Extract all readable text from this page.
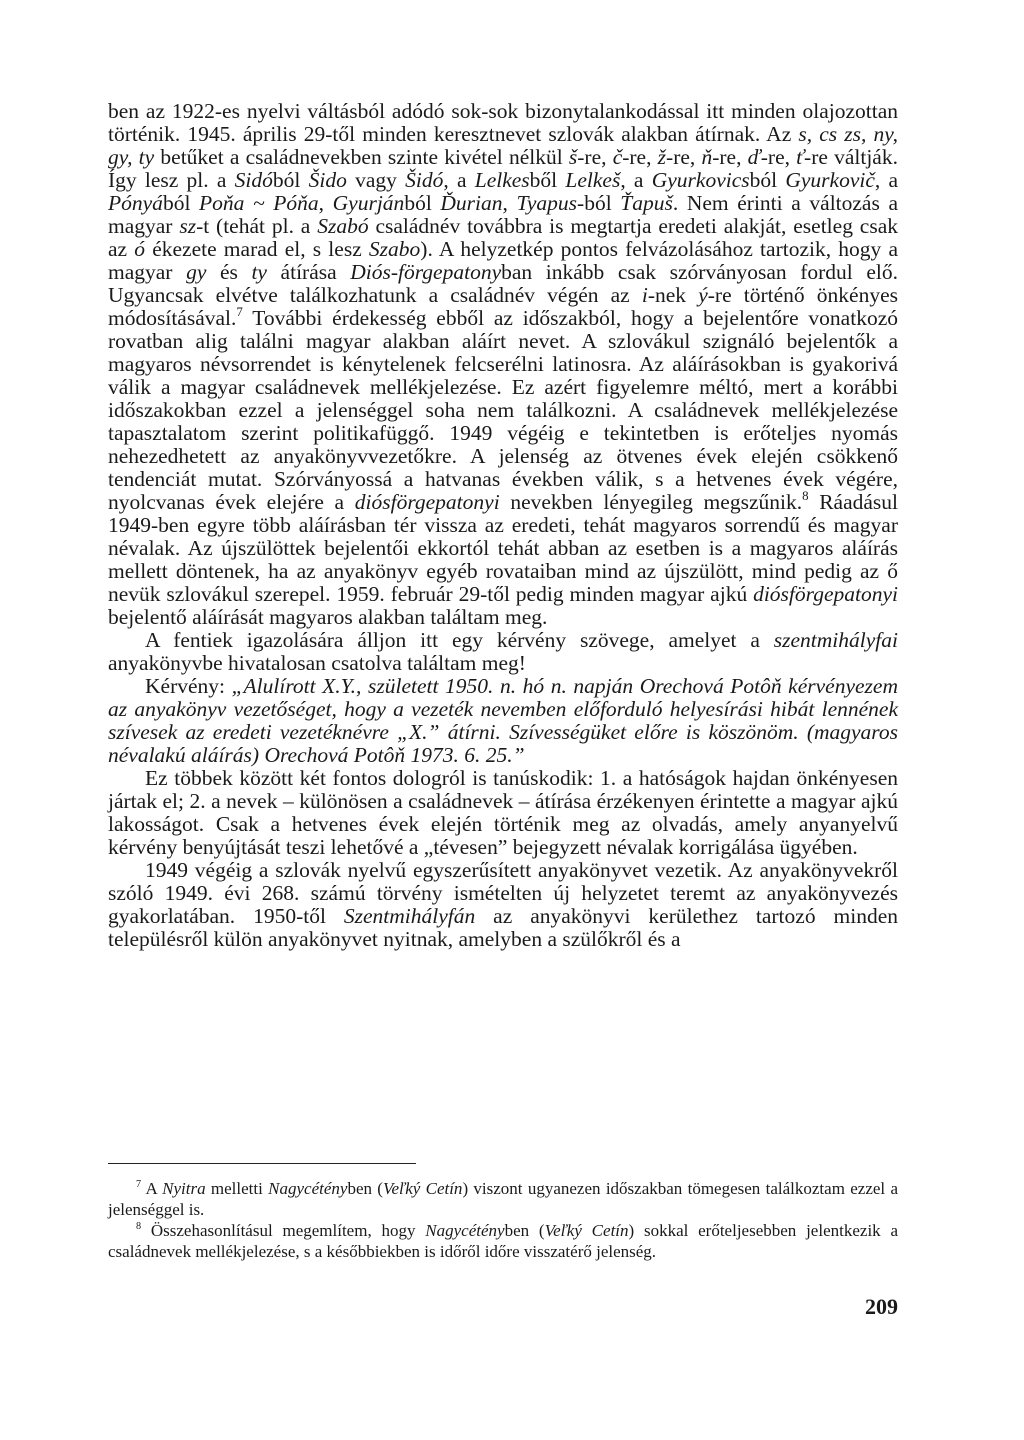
ben az 1922-es nyelvi váltásból adódó sok-sok bizonytalankodással itt minden olajozottan történik. 1945. április 29-től minden keresztnevet szlovák alakban átírnak. Az s, cs zs, ny, gy, ty betűket a családnevekben szinte kivétel nélkül š-re, č-re, ž-re, ň-re, ď-re, ť-re váltják. Így lesz pl. a Sidóból Šido vagy Šidó, a Lelkesből Lelkeš, a Gyurkovicsból Gyurkovič, a Pónyából Poňa ~ Póňa, Gyurjánból Ďurian, Tyapus-ból Ťapuš. Nem érinti a változás a magyar sz-t (tehát pl. a Szabó családnév továbbra is megtartja eredeti alakját, esetleg csak az ó ékezete marad el, s lesz Szabo). A helyzetkép pontos felvázolásához tartozik, hogy a magyar gy és ty átírása Diós-förgepatonyban inkább csak szórványosan fordul elő. Ugyancsak elvétve találkozhatunk a családnév végén az i-nek ý-re történő önkényes módosításával.$^7$ További érdekesség ebből az időszakból, hogy a bejelentőre vonatkozó rovatban alig találni magyar alakban aláírt nevet. A szlovákul szignáló bejelentők a magyaros névsorrendet is kénytelenek felcserélni latinosra. Az aláírásokban is gyakorivá válik a magyar családnevek mellékjelezése. Ez azért figyelemre méltó, mert a korábbi időszakokban ezzel a jelenséggel soha nem találkozni. A családnevek mellékjelezése tapasztalatom szerint politikafüggő. 1949 végéig e tekintetben is erőteljes nyomás nehezedhetett az anyakönyvvezetőkre. A jelenség az ötvenes évek elején csökkenő tendenciát mutat. Szórványossá a hatvanas években válik, s a hetvenes évek végére, nyolcvanas évek elejére a diósförgepatonyi nevekben lényegileg megszűnik.$^8$ Ráadásul 1949-ben egyre több aláírásban tér vissza az eredeti, tehát magyaros sorrendű és magyar névalak. Az újszülöttek bejelentői ekkortól tehát abban az esetben is a magyaros aláírás mellett döntenek, ha az anyakönyv egyéb rovataiban mind az újszülött, mind pedig az ő nevük szlovákul szerepel. 1959. február 29-től pedig minden magyar ajkú diósförgepatonyi bejelentő aláírását magyaros alakban találtam meg.

A fentiek igazolására álljon itt egy kérvény szövege, amelyet a szentmihályfai anyakönyvbe hivatalosan csatolva találtam meg!

Kérvény: „Alulírott X.Y., született 1950. n. hó n. napján Orechová Potôň kérvényezem az anyakönyv vezetőséget, hogy a vezeték nevemben előforduló helyesírási hibát lennének szívesek az eredeti vezetéknévre „X.” átírni. Szívességüket előre is köszönöm. (magyaros névalakú aláírás) Orechová Potôň 1973. 6. 25.”

Ez többek között két fontos dologról is tanúskodik: 1. a hatóságok hajdan önkényesen jártak el; 2. a nevek – különösen a családnevek – átírása érzékenyen érintette a magyar ajkú lakosságot. Csak a hetvenes évek elején történik meg az olvadás, amely anyanyelvű kérvény benyújtását teszi lehetővé a „tévesen” bejegyzett névalak korrigálása ügyében.

1949 végéig a szlovák nyelvű egyszerűsített anyakönyvet vezetik. Az anyakönyvekről szóló 1949. évi 268. számú törvény ismételten új helyzetet teremt az anyakönyvezés gyakorlatában. 1950-től Szentmihályfán az anyakönyvi kerülethez tartozó minden településről külön anyakönyvet nyitnak, amelyben a szülőkről és a

$^7$ A Nyitra melletti Nagycétényben (Veľký Cetín) viszont ugyanezen időszakban tömegesen találkoztam ezzel a jelenséggel is.

$^8$ Összehasonlításul megemlítem, hogy Nagycétényben (Veľký Cetín) sokkal erőteljesebben jelentkezik a családnevek mellékjelezése, s a későbbiekben is időről időre visszatérő jelenség.

209
